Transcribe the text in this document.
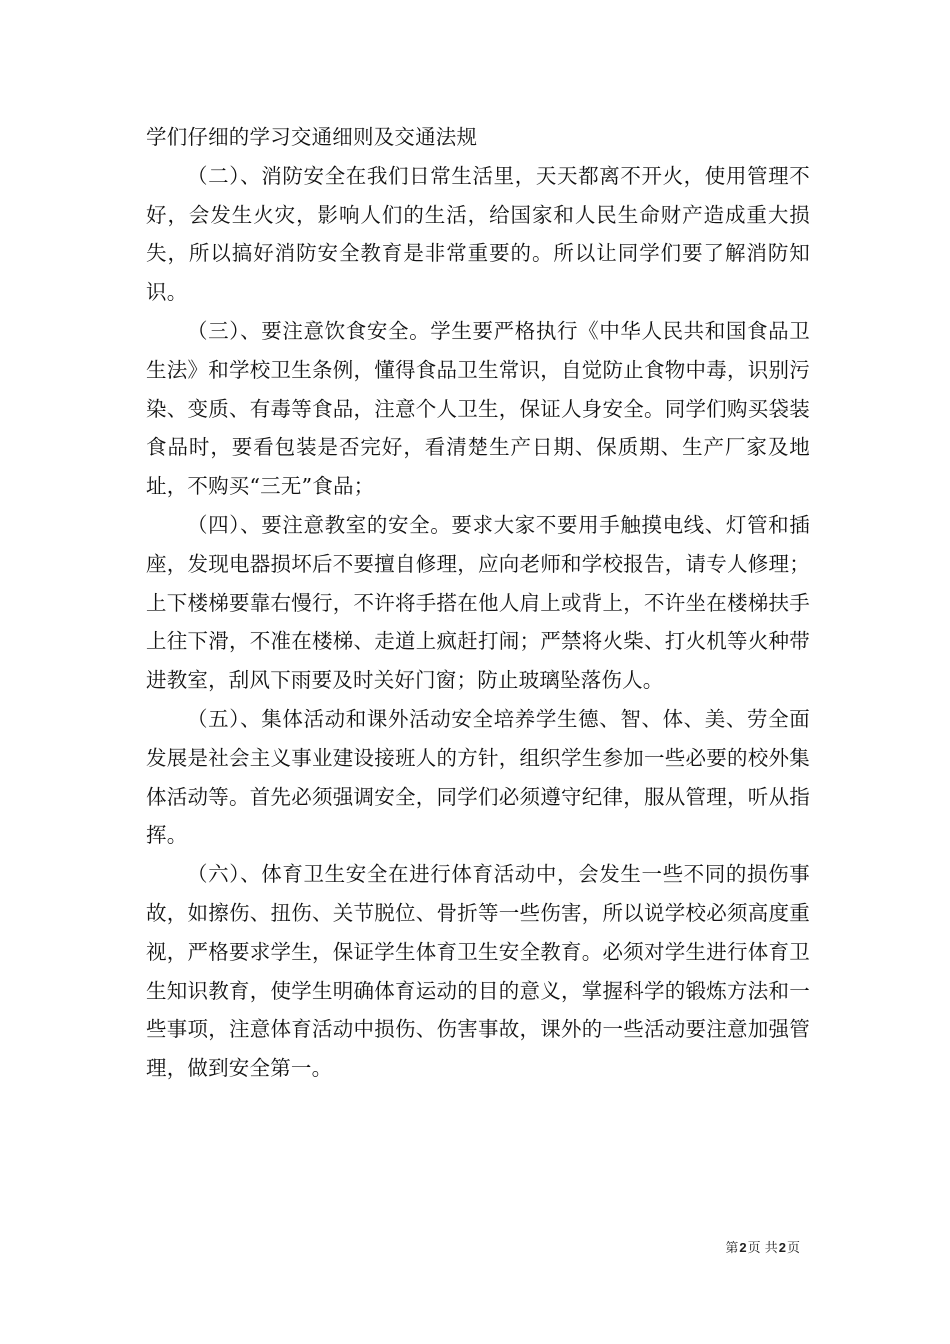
学们仔细的学习交通细则及交通法规

（二）、消防安全在我们日常生活里，天天都离不开火，使用管理不好，会发生火灾，影响人们的生活，给国家和人民生命财产造成重大损失，所以搞好消防安全教育是非常重要的。所以让同学们要了解消防知识。

（三）、要注意饮食安全。学生要严格执行《中华人民共和国食品卫生法》和学校卫生条例，懂得食品卫生常识，自觉防止食物中毒，识别污染、变质、有毒等食品，注意个人卫生，保证人身安全。同学们购买袋装食品时，要看包装是否完好，看清楚生产日期、保质期、生产厂家及地址，不购买“三无”食品；

（四）、要注意教室的安全。要求大家不要用手触摸电线、灯管和插座，发现电器损坏后不要擅自修理，应向老师和学校报告，请专人修理；上下楼梯要靠右慢行，不许将手搭在他人肩上或背上，不许坐在楼梯扶手上往下滑，不准在楼梯、走道上疯赶打闹；严禁将火柴、打火机等火种带进教室，刮风下雨要及时关好门窗；防止玻璃坠落伤人。

（五）、集体活动和课外活动安全培养学生德、智、体、美、劳全面发展是社会主义事业建设接班人的方针，组织学生参加一些必要的校外集体活动等。首先必须强调安全，同学们必须遵守纪律，服从管理，听从指挥。

（六）、体育卫生安全在进行体育活动中，会发生一些不同的损伤事故，如擦伤、扭伤、关节脱位、骨折等一些伤害，所以说学校必须高度重视，严格要求学生，保证学生体育卫生安全教育。必须对学生进行体育卫生知识教育，使学生明确体育运动的目的意义，掌握科学的锻炼方法和一些事项，注意体育活动中损伤、伤害事故，课外的一些活动要注意加强管理，做到安全第一。

第2页 共2页
